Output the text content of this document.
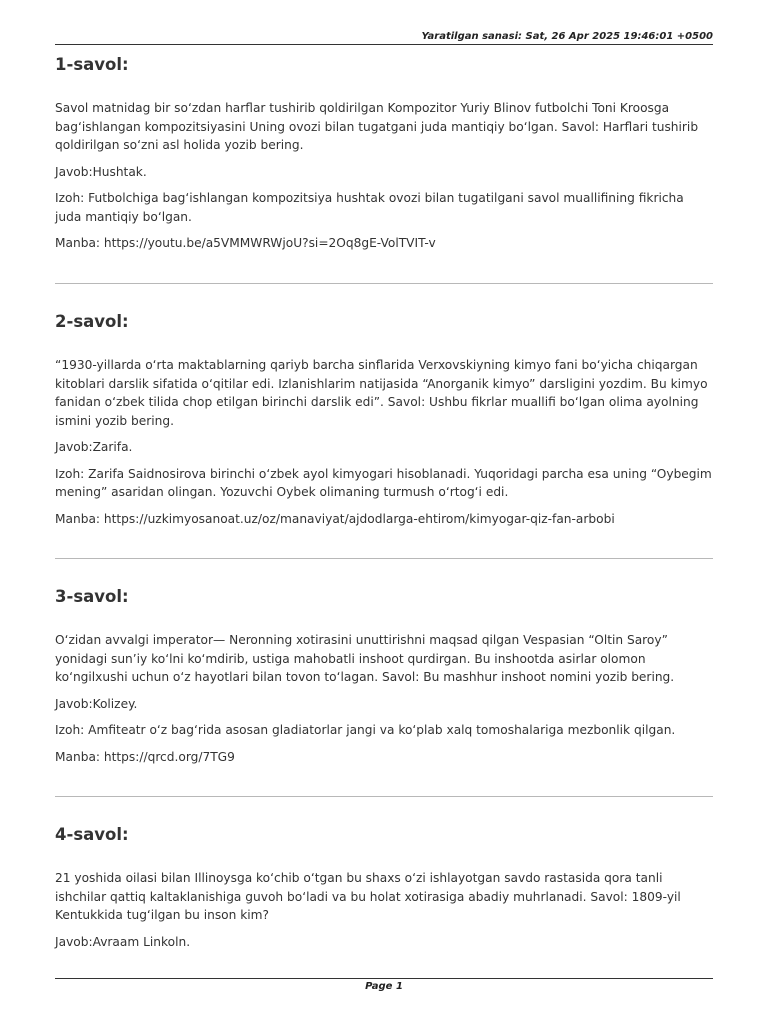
Yaratilgan sanasi: Sat, 26 Apr 2025 19:46:01 +0500
1-savol:

Savol matnidag bir so‘zdan harflar tushirib qoldirilgan Kompozitor Yuriy Blinov futbolchi Toni Kroosga bag‘ishlangan kompozitsiyasini Uning ovozi bilan tugatgani juda mantiqiy bo‘lgan. Savol: Harflari tushirib qoldirilgan so‘zni asl holida yozib bering.

Javob:Hushtak.

Izoh: Futbolchiga bag‘ishlangan kompozitsiya hushtak ovozi bilan tugatilgani savol muallifining fikricha juda mantiqiy bo‘lgan.

Manba: https://youtu.be/a5VMMWRWjoU?si=2Oq8gE-VolTVIT-v

2-savol:

“1930-yillarda o‘rta maktablarning qariyb barcha sinflarida Verxovskiyning kimyo fani bo‘yicha chiqargan kitoblari darslik sifatida o‘qitilar edi. Izlanishlarim natijasida “Anorganik kimyo” darsligini yozdim. Bu kimyo fanidan o‘zbek tilida chop etilgan birinchi darslik edi”. Savol: Ushbu fikrlar muallifi bo‘lgan olima ayolning ismini yozib bering.

Javob:Zarifa.

Izoh: Zarifa Saidnosirova birinchi o‘zbek ayol kimyogari hisoblanadi. Yuqoridagi parcha esa uning “Oybegim mening” asaridan olingan. Yozuvchi Oybek olimaning turmush o‘rtog‘i edi.

Manba: https://uzkimyosanoat.uz/oz/manaviyat/ajdodlarga-ehtirom/kimyogar-qiz-fan-arbobi

3-savol:

O‘zidan avvalgi imperator— Neronning xotirasini unuttirishni maqsad qilgan Vespasian “Oltin Saroy” yonidagi sun’iy ko‘lni ko‘mdirib, ustiga mahobatli inshoot qurdirgan. Bu inshootda asirlar olomon ko‘ngilxushi uchun o‘z hayotlari bilan tovon to‘lagan. Savol: Bu mashhur inshoot nomini yozib bering.

Javob:Kolizey.

Izoh: Amfiteatr o‘z bag‘rida asosan gladiatorlar jangi va ko‘plab xalq tomoshalariga mezbonlik qilgan.

Manba: https://qrcd.org/7TG9

4-savol:

21 yoshida oilasi bilan Illinoysga ko‘chib o‘tgan bu shaxs o‘zi ishlayotgan savdo rastasida qora tanli ishchilar qattiq kaltaklanishiga guvoh bo‘ladi va bu holat xotirasiga abadiy muhrlanadi. Savol: 1809-yil Kentukkida tug‘ilgan bu inson kim?

Javob:Avraam Linkoln.

Page 1
